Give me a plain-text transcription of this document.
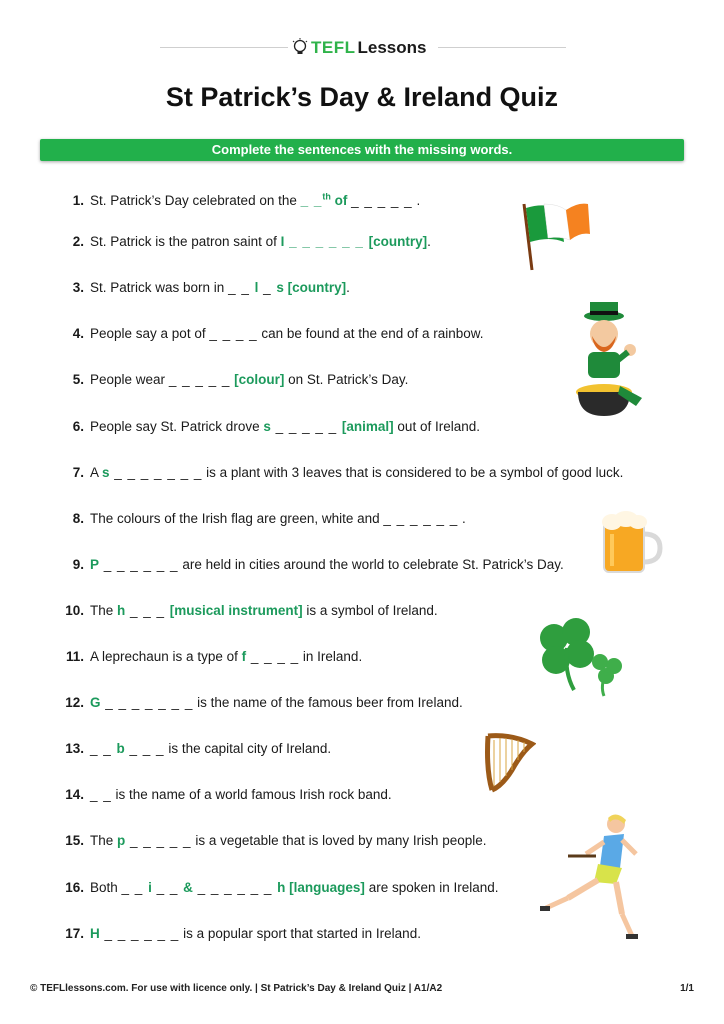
TEFL Lessons
St Patrick’s Day & Ireland Quiz
Complete the sentences with the missing words.
1. St. Patrick’s Day celebrated on the _ _$^{th}$ of _ _ _ _ _ .
2. St. Patrick is the patron saint of I _ _ _ _ _ _ [country].
3. St. Patrick was born in _ _ l _ s [country].
4. People say a pot of _ _ _ _ can be found at the end of a rainbow.
5. People wear _ _ _ _ _ [colour] on St. Patrick’s Day.
6. People say St. Patrick drove s _ _ _ _ _ [animal] out of Ireland.
7. A s _ _ _ _ _ _ _ is a plant with 3 leaves that is considered to be a symbol of good luck.
8. The colours of the Irish flag are green, white and _ _ _ _ _ _ .
9. P _ _ _ _ _ _ are held in cities around the world to celebrate St. Patrick’s Day.
10. The h _ _ _ [musical instrument] is a symbol of Ireland.
11. A leprechaun is a type of f _ _ _ _ in Ireland.
12. G _ _ _ _ _ _ _ is the name of the famous beer from Ireland.
13. _ _ b _ _ _ is the capital city of Ireland.
14. _ _ is the name of a world famous Irish rock band.
15. The p _ _ _ _ _ is a vegetable that is loved by many Irish people.
16. Both _ _ i _ _ & _ _ _ _ _ _ h [languages] are spoken in Ireland.
17. H _ _ _ _ _ _ is a popular sport that started in Ireland.
© TEFLlessons.com. For use with licence only. | St Patrick’s Day & Ireland Quiz | A1/A2	1/1
